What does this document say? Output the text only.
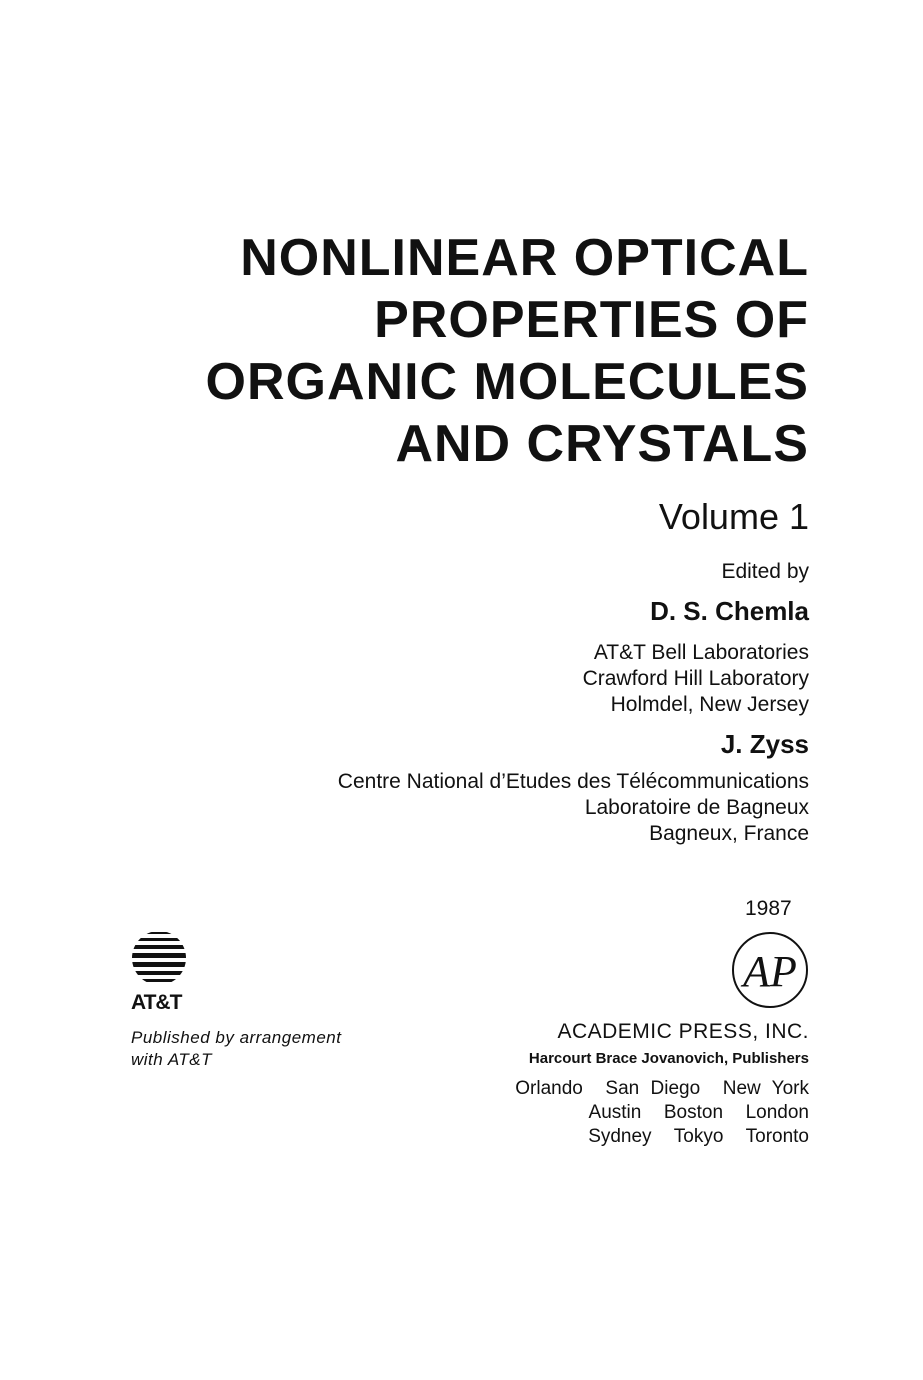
NONLINEAR OPTICAL
PROPERTIES OF
ORGANIC MOLECULES
AND CRYSTALS
Volume 1
Edited by
D. S. Chemla
AT&T Bell Laboratories
Crawford Hill Laboratory
Holmdel, New Jersey
J. Zyss
Centre National d’Etudes des Télécommunications
Laboratoire de Bagneux
Bagneux, France
1987
AP
AT&T
Published by arrangement
with AT&T
ACADEMIC PRESS, INC.
Harcourt Brace Jovanovich, Publishers
Orlando  San Diego  New York
Austin  Boston  London
Sydney  Tokyo  Toronto
